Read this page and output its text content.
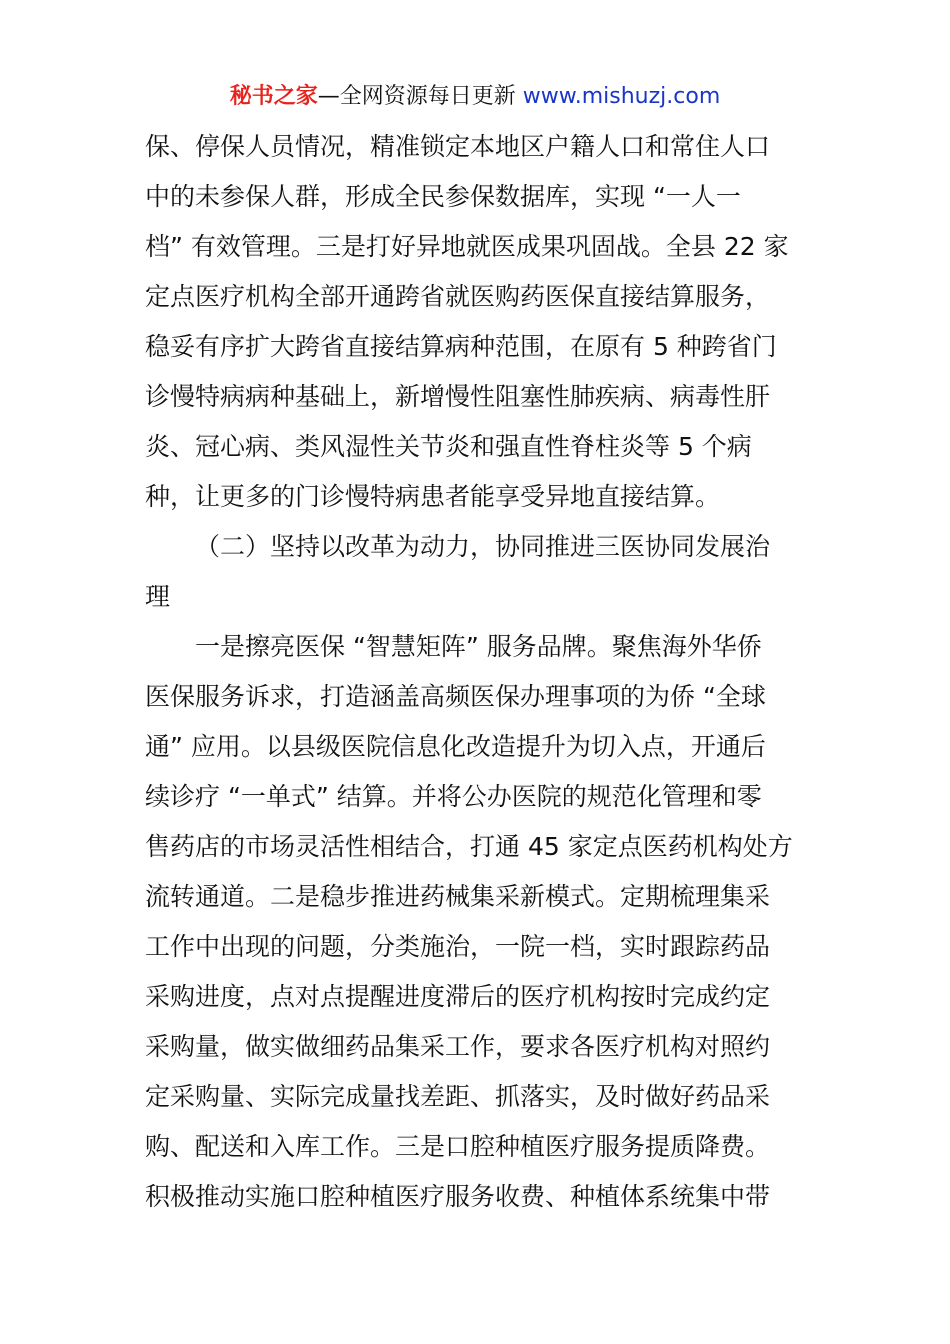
秘书之家—全网资源每日更新 www.mishuzj.com
保、停保人员情况，精准锁定本地区户籍人口和常住人口
中的未参保人群，形成全民参保数据库，实现 “一人一
档” 有效管理。三是打好异地就医成果巩固战。全县 22 家
定点医疗机构全部开通跨省就医购药医保直接结算服务，
稳妥有序扩大跨省直接结算病种范围，在原有 5 种跨省门
诊慢特病病种基础上，新增慢性阻塞性肺疾病、病毒性肝
炎、冠心病、类风湿性关节炎和强直性脊柱炎等 5 个病
种，让更多的门诊慢特病患者能享受异地直接结算。
（二）坚持以改革为动力，协同推进三医协同发展治
理
一是擦亮医保 “智慧矩阵” 服务品牌。聚焦海外华侨
医保服务诉求，打造涵盖高频医保办理事项的为侨 “全球
通” 应用。以县级医院信息化改造提升为切入点，开通后
续诊疗 “一单式” 结算。并将公办医院的规范化管理和零
售药店的市场灵活性相结合，打通 45 家定点医药机构处方
流转通道。二是稳步推进药械集采新模式。定期梳理集采
工作中出现的问题，分类施治，一院一档，实时跟踪药品
采购进度，点对点提醒进度滞后的医疗机构按时完成约定
采购量，做实做细药品集采工作，要求各医疗机构对照约
定采购量、实际完成量找差距、抓落实，及时做好药品采
购、配送和入库工作。三是口腔种植医疗服务提质降费。
积极推动实施口腔种植医疗服务收费、种植体系统集中带
